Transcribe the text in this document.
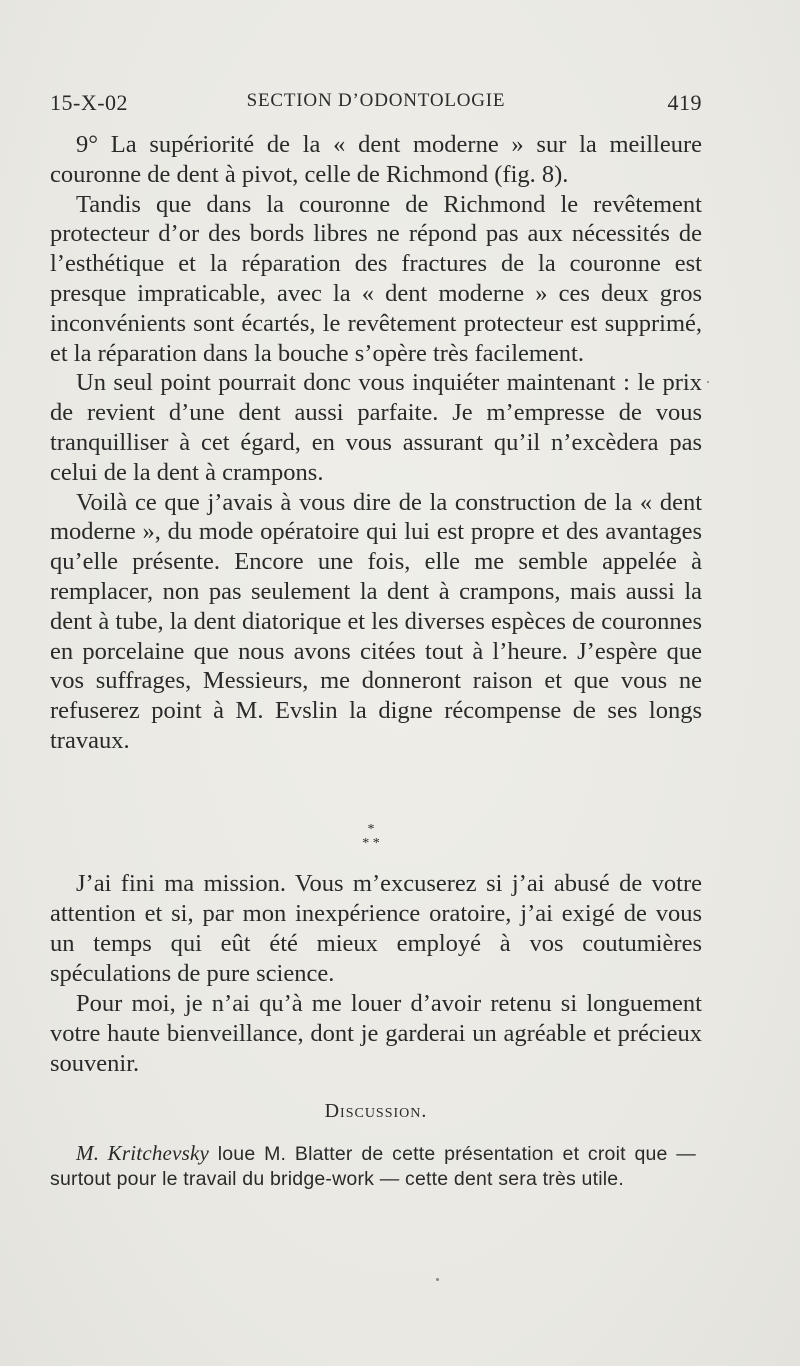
15-X-02	SECTION D’ODONTOLOGIE	419

9° La supériorité de la « dent moderne » sur la meilleure couronne de dent à pivot, celle de Richmond (fig. 8).

Tandis que dans la couronne de Richmond le revêtement protecteur d’or des bords libres ne répond pas aux nécessités de l’esthétique et la réparation des fractures de la couronne est presque impraticable, avec la « dent moderne » ces deux gros inconvénients sont écartés, le revêtement protecteur est supprimé, et la réparation dans la bouche s’opère très facilement.

Un seul point pourrait donc vous inquiéter maintenant : le prix de revient d’une dent aussi parfaite. Je m’empresse de vous tranquilliser à cet égard, en vous assurant qu’il n’excèdera pas celui de la dent à crampons.

Voilà ce que j’avais à vous dire de la construction de la « dent moderne », du mode opératoire qui lui est propre et des avantages qu’elle présente. Encore une fois, elle me semble appelée à remplacer, non pas seulement la dent à crampons, mais aussi la dent à tube, la dent diatorique et les diverses espèces de couronnes en porcelaine que nous avons citées tout à l’heure. J’espère que vos suffrages, Messieurs, me donneront raison et que vous ne refuserez point à M. Evslin la digne récompense de ses longs travaux.

*
* *

J’ai fini ma mission. Vous m’excuserez si j’ai abusé de votre attention et si, par mon inexpérience oratoire, j’ai exigé de vous un temps qui eût été mieux employé à vos coutumières spéculations de pure science.

Pour moi, je n’ai qu’à me louer d’avoir retenu si longuement votre haute bienveillance, dont je garderai un agréable et précieux souvenir.

Discussion.
M. Kritchevsky loue M. Blatter de cette présentation et croit que — surtout pour le travail du bridge-work — cette dent sera très utile.
